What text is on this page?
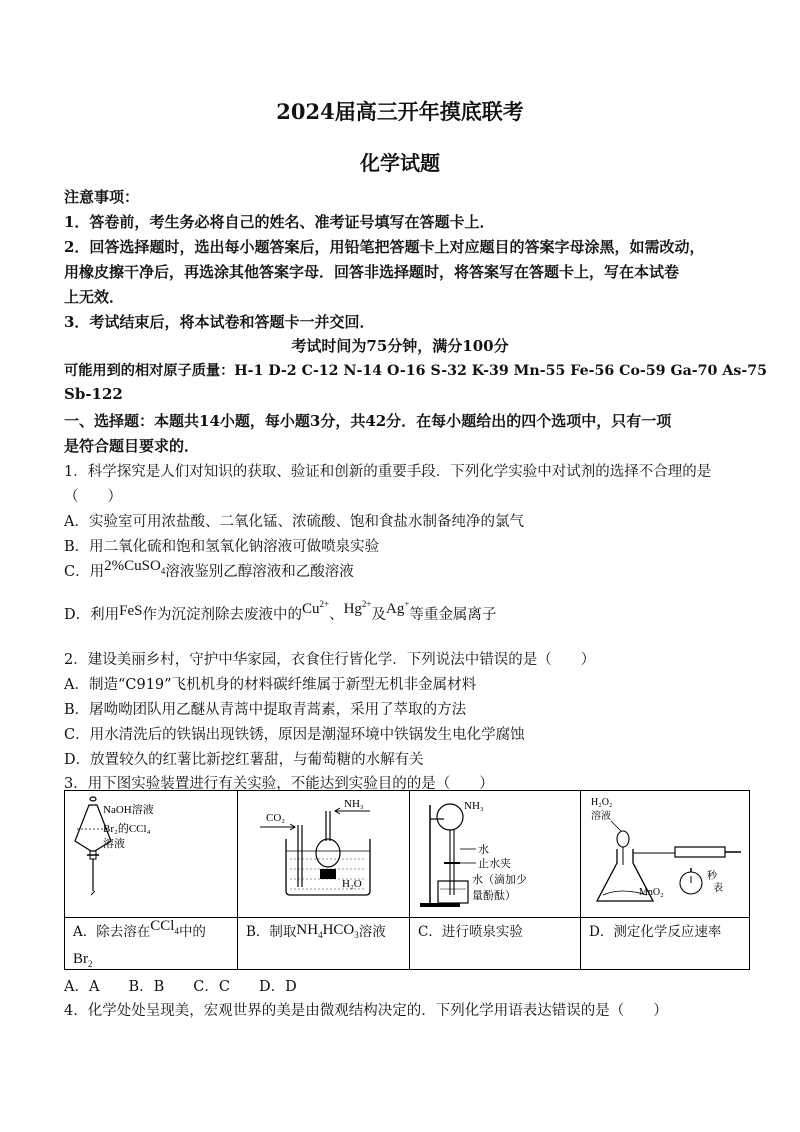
2024届高三开年摸底联考
化学试题
注意事项：
1．答卷前，考生务必将自己的姓名、准考证号填写在答题卡上．
2．回答选择题时，选出每小题答案后，用铅笔把答题卡上对应题目的答案字母涂黑，如需改动，
用橡皮擦干净后，再选涂其他答案字母．回答非选择题时，将答案写在答题卡上，写在本试卷
上无效．
3．考试结束后，将本试卷和答题卡一并交回．
考试时间为75分钟，满分100分
可能用到的相对原子质量：H-1 D-2 C-12 N-14 O-16 S-32 K-39 Mn-55 Fe-56 Co-59 Ga-70 As-75
Sb-122
一、选择题：本题共14小题，每小题3分，共42分．在每小题给出的四个选项中，只有一项
是符合题目要求的．
1．科学探究是人们对知识的获取、验证和创新的重要手段．下列化学实验中对试剂的选择不合理的是
（　　）
A．实验室可用浓盐酸、二氧化锰、浓硫酸、饱和食盐水制备纯净的氯气
B．用二氧化硫和饱和氢氧化钠溶液可做喷泉实验
C．用2%CuSO$_4$溶液鉴别乙醇溶液和乙酸溶液
D．利用FeS作为沉淀剂除去废液中的$Cu^{2+}$、$Hg^{2+}$及Ag+等重金属离子
2．建设美丽乡村，守护中华家园，衣食住行皆化学．下列说法中错误的是（　　）
A．制造“C919”飞机机身的材料碳纤维属于新型无机非金属材料
B．屠呦呦团队用乙醚从青蒿中提取青蒿素，采用了萃取的方法
C．用水清洗后的铁锅出现铁锈，原因是潮湿环境中铁锅发生电化学腐蚀
D．放置较久的红薯比新挖红薯甜，与葡萄糖的水解有关
3．用下图实验装置进行有关实验，不能达到实验目的的是（　　）
NaOH溶液
Br₂的CCl₄
溶液
A．除去溶在CCl$_4$中的
$Br_2$
CO₂
NH₃
H₂O
B．制取$NH_4HCO_3$溶液
NH₃
水
止水夹
水（滴加少
量酚酞）
C．进行喷泉实验
H₂O₂
溶液
MnO₂
秒
表
D．测定化学反应速率
A．A　　B．B　　C．C　　D．D
4．化学处处呈现美，宏观世界的美是由微观结构决定的．下列化学用语表达错误的是（　　）
